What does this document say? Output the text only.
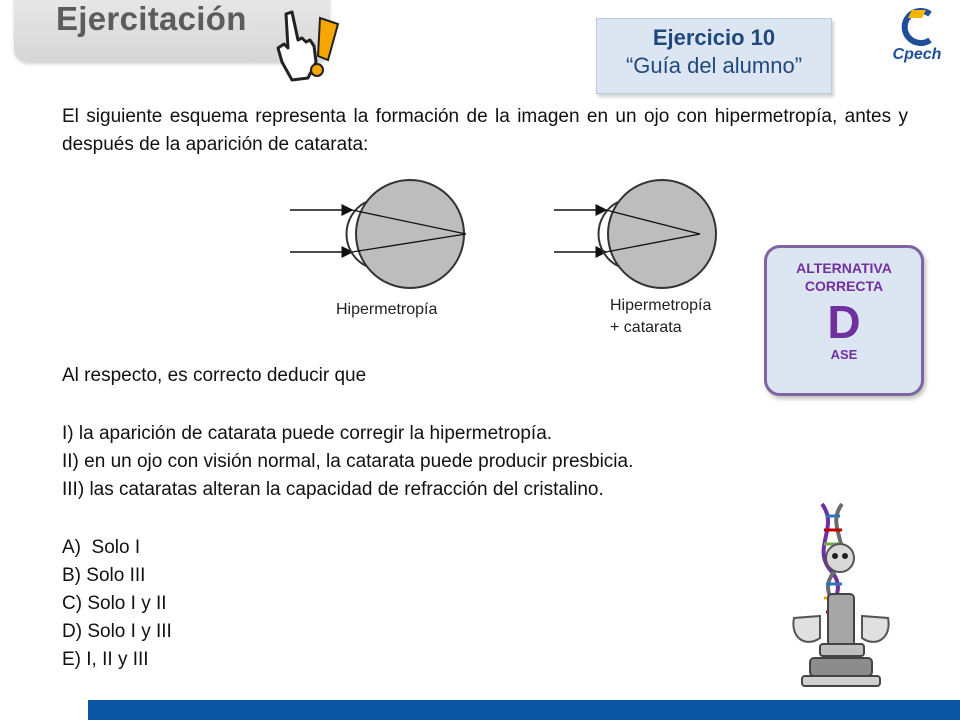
Ejercitación
Ejercicio 10
“Guía del alumno”	Cpech
El siguiente esquema representa la formación de la imagen en un ojo con hipermetropía, antes y después de la aparición de catarata:
Hipermetropía	Hipermetropía
+ catarata
ALTERNATIVA
CORRECTA
D
ASE
Al respecto, es correcto deducir que
I) la aparición de catarata puede corregir la hipermetropía.
II) en un ojo con visión normal, la catarata puede producir presbicia.
III) las cataratas alteran la capacidad de refracción del cristalino.
A)  Solo I
B) Solo III
C) Solo I y II
D) Solo I y III
E) I, II y III
